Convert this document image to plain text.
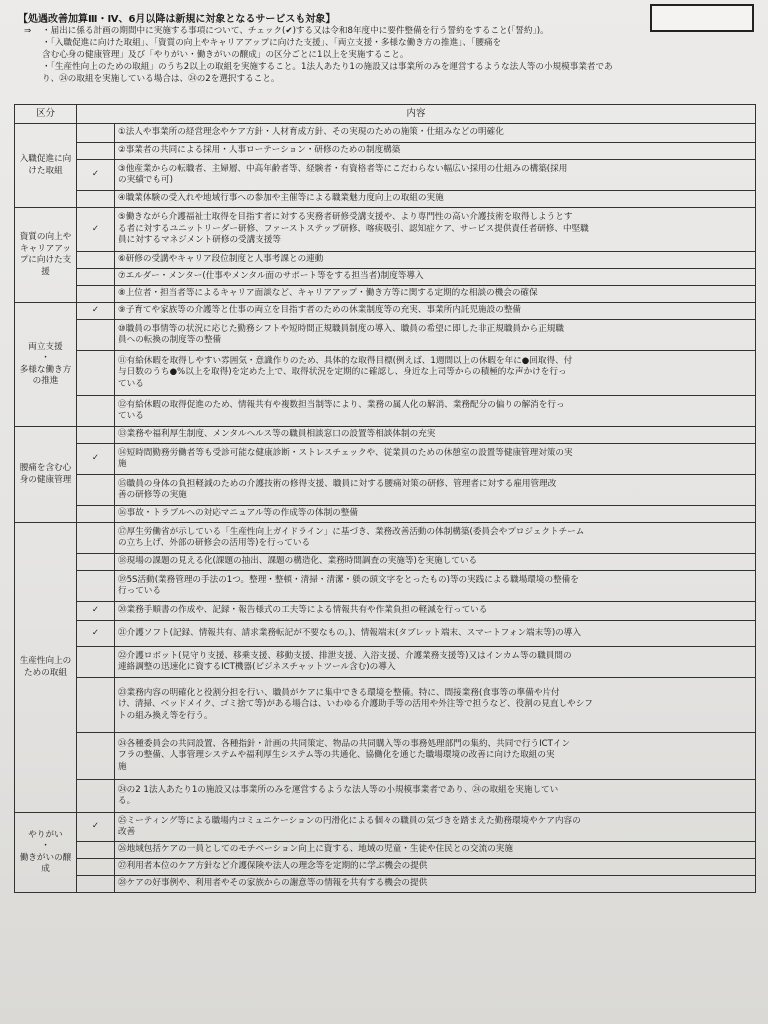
【処遇改善加算Ⅲ・Ⅳ、6月以降は新規に対象となるサービスも対象】
⇒ ・届出に係る計画の期間中に実施する事項について、チェック(✔)する又は令和8年度中に要件整備を行う誓約をすること(「誓約」)。
・「入職促進に向けた取組」、「資質の向上やキャリアアップに向けた支援」、「両立支援・多様な働き方の推進」、「腰痛を
含む心身の健康管理」及び「やりがい・働きがいの醸成」の区分ごとに1以上を実施すること。
・「生産性向上のための取組」のうち2以上の取組を実施すること。1法人あたり1の施設又は事業所のみを運営するような法人等の小規模事業者であ
り、㉔の取組を実施している場合は、㉔の2を選択すること。
区分	内容	
入職促進に向けた取組		①法人や事業所の経営理念やケア方針・人材育成方針、その実現のための施策・仕組みなどの明確化
		②事業者の共同による採用・人事ローテーション・研修のための制度構築
	✓	③他産業からの転職者、主婦層、中高年齢者等、経験者・有資格者等にこだわらない幅広い採用の仕組みの構築(採用
の実績でも可)

		④職業体験の受入れや地域行事への参加や主催等による職業魅力度向上の取組の実施
資質の向上やキャリアアップに向けた支援	✓	⑤働きながら介護福祉士取得を目指す者に対する実務者研修受講支援や、より専門性の高い介護技術を取得しようとす
る者に対するユニットリーダー研修、ファーストステップ研修、喀痰吸引、認知症ケア、サービス提供責任者研修、中堅職
員に対するマネジメント研修の受講支援等

		⑥研修の受講やキャリア段位制度と人事考課との連動
		⑦エルダー・メンター(仕事やメンタル面のサポート等をする担当者)制度等導入
		⑧上位者・担当者等によるキャリア面談など、キャリアアップ・働き方等に関する定期的な相談の機会の確保

両立支援
・
多様な働き方の推進	✓	⑨子育てや家族等の介護等と仕事の両立を目指す者のための休業制度等の充実、事業所内託児施設の整備

		⑩職員の事情等の状況に応じた勤務シフトや短時間正規職員制度の導入、職員の希望に即した非正規職員から正規職
員への転換の制度等の整備

		⑪有給休暇を取得しやすい雰囲気・意識作りのため、具体的な取得目標(例えば、1週間以上の休暇を年に●回取得、付
与日数のうち●%以上を取得)を定めた上で、取得状況を定期的に確認し、身近な上司等からの積極的な声かけを行っ
ている

		⑫有給休暇の取得促進のため、情報共有や複数担当制等により、業務の属人化の解消、業務配分の偏りの解消を行っ
ている

腰痛を含む心身の健康管理		⑬業務や福利厚生制度、メンタルヘルス等の職員相談窓口の設置等相談体制の充実
	✓	⑭短時間勤務労働者等も受診可能な健康診断・ストレスチェックや、従業員のための休憩室の設置等健康管理対策の実
施

		⑮職員の身体の負担軽減のための介護技術の修得支援、職員に対する腰痛対策の研修、管理者に対する雇用管理改
善の研修等の実施

		⑯事故・トラブルへの対応マニュアル等の作成等の体制の整備
生産性向上のための取組		⑰厚生労働省が示している「生産性向上ガイドライン」に基づき、業務改善活動の体制構築(委員会やプロジェクトチーム
の立ち上げ、外部の研修会の活用等)を行っている

		⑱現場の課題の見える化(課題の抽出、課題の構造化、業務時間調査の実施等)を実施している

		⑲5S活動(業務管理の手法の1つ。整理・整頓・清掃・清潔・躾の頭文字をとったもの)等の実践による職場環境の整備を
行っている

	✓	⑳業務手順書の作成や、記録・報告様式の工夫等による情報共有や作業負担の軽減を行っている
	✓	㉑介護ソフト(記録、情報共有、請求業務転記が不要なもの。)、情報端末(タブレット端末、スマートフォン端末等)の導入

		㉒介護ロボット(見守り支援、移乗支援、移動支援、排泄支援、入浴支援、介護業務支援等)又はインカム等の職員間の
連絡調整の迅速化に資するICT機器(ビジネスチャットツール含む)の導入

		㉓業務内容の明確化と役割分担を行い、職員がケアに集中できる環境を整備。特に、間接業務(食事等の準備や片付
け、清掃、ベッドメイク、ゴミ捨て等)がある場合は、いわゆる介護助手等の活用や外注等で担うなど、役割の見直しやシフ
トの組み換え等を行う。

		㉔各種委員会の共同設置、各種指針・計画の共同策定、物品の共同購入等の事務処理部門の集約、共同で行うICTイン
フラの整備、人事管理システムや福利厚生システム等の共通化、協働化を通じた職場環境の改善に向けた取組の実
施

		㉔の2 1法人あたり1の施設又は事業所のみを運営するような法人等の小規模事業者であり、㉔の取組を実施してい
る。

やりがい
・
働きがいの醸成	✓	㉕ミーティング等による職場内コミュニケーションの円滑化による個々の職員の気づきを踏まえた勤務環境やケア内容の
改善

		㉖地域包括ケアの一員としてのモチベーション向上に資する、地域の児童・生徒や住民との交流の実施
		㉗利用者本位のケア方針など介護保険や法人の理念等を定期的に学ぶ機会の提供
		㉘ケアの好事例や、利用者やその家族からの謝意等の情報を共有する機会の提供
